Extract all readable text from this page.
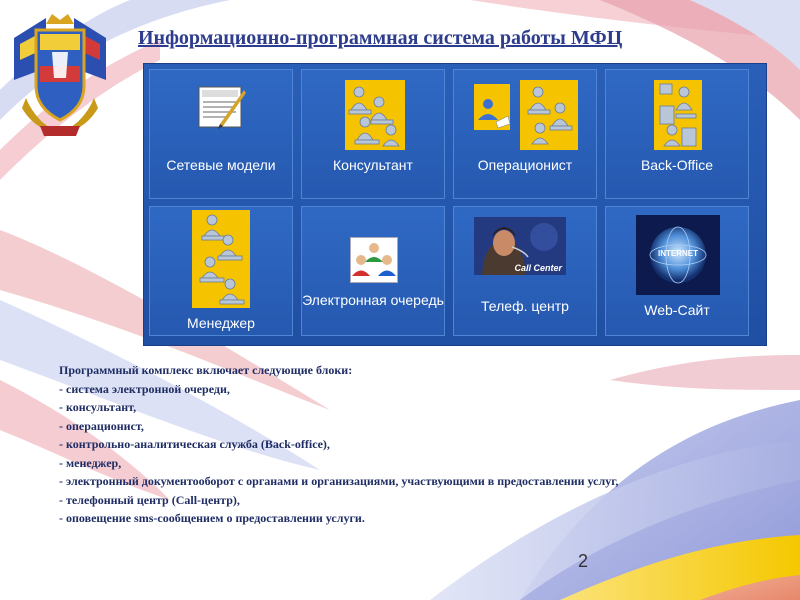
Информационно-программная система работы МФЦ
Сетевые модели	Консультант	Операционист	Back-Office
Менеджер
Электронная очередь
Call Center
Телеф. центр
INTERNET
Web-Сайт

Программный комплекс включает следующие блоки:

- система электронной очереди,
- консультант,
- операционист,
- контрольно-аналитическая служба (Back-office),
- менеджер,
- электронный документооборот с органами и организациями, участвующими в предоставлении услуг,
- телефонный центр (Call-центр),
- оповещение sms-сообщением о предоставлении услуги.
2
